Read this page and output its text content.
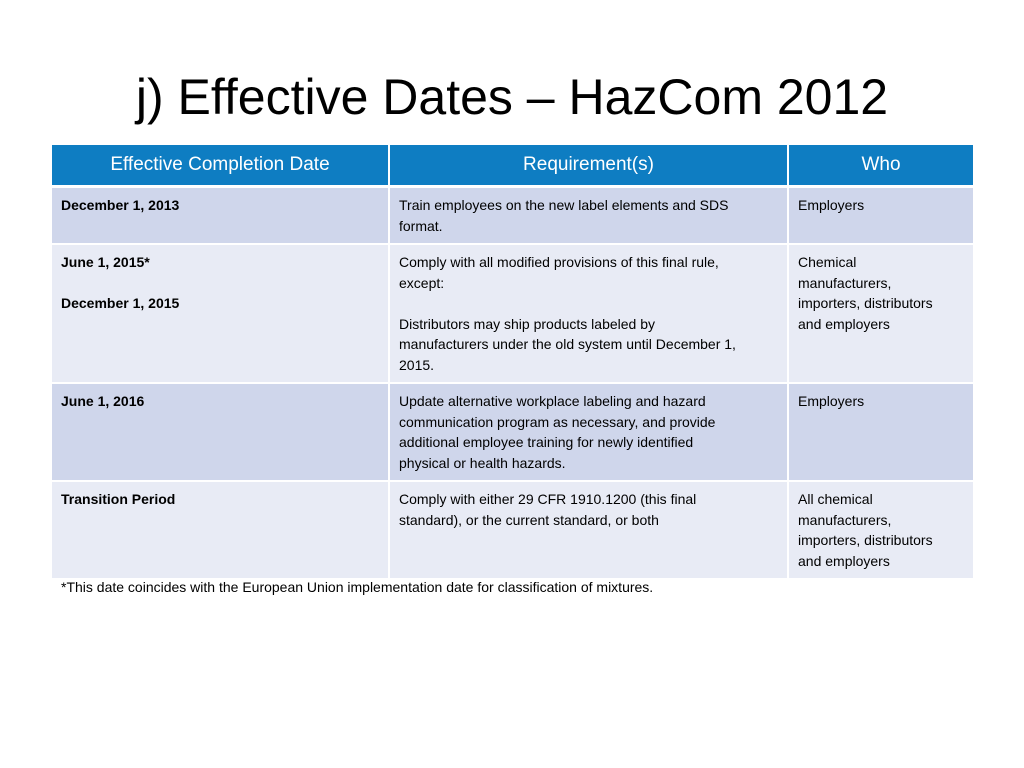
j) Effective Dates – HazCom 2012
Effective Completion Date	Requirement(s)	Who

December 1, 2013	Train employees on the new label elements and SDS
format.	Employers

June 1, 2015*
December 1, 2015	Comply with all modified provisions of this final rule,
except:
Distributors may ship products labeled by
manufacturers under the old system until December 1,
2015.	Chemical
manufacturers,
importers, distributors
and employers

June 1, 2016	Update alternative workplace labeling and hazard
communication program as necessary, and provide
additional employee training for newly identified
physical or health hazards.	Employers

Transition Period	Comply with either 29 CFR 1910.1200 (this final
standard), or the current standard, or both	All chemical
manufacturers,
importers, distributors
and employers

*This date coincides with the European Union implementation date for classification of mixtures.
